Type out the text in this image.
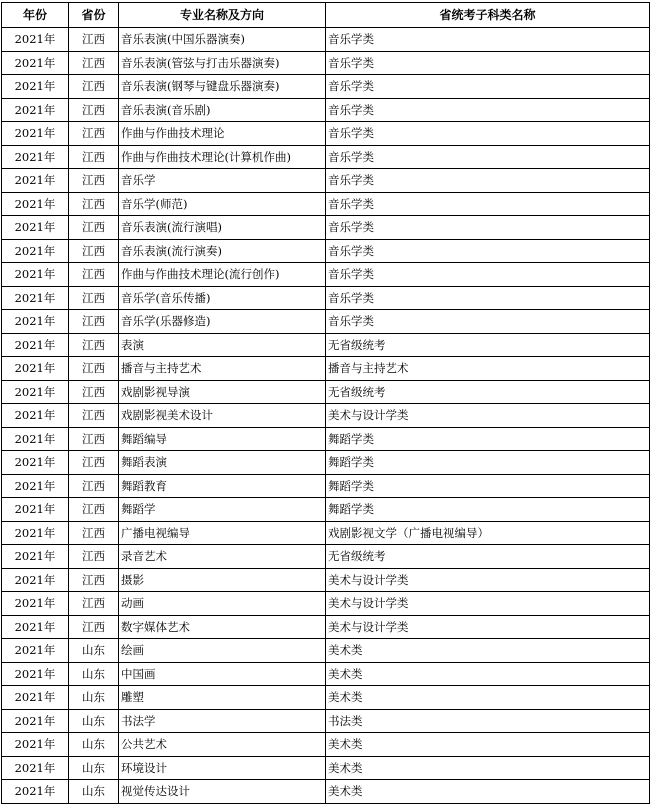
年份	省份	专业名称及方向	省统考子科类名称
2021年	江西	音乐表演(中国乐器演奏)	音乐学类
2021年	江西	音乐表演(管弦与打击乐器演奏)	音乐学类
2021年	江西	音乐表演(钢琴与键盘乐器演奏)	音乐学类
2021年	江西	音乐表演(音乐剧)	音乐学类
2021年	江西	作曲与作曲技术理论	音乐学类
2021年	江西	作曲与作曲技术理论(计算机作曲)	音乐学类
2021年	江西	音乐学	音乐学类
2021年	江西	音乐学(师范)	音乐学类
2021年	江西	音乐表演(流行演唱)	音乐学类
2021年	江西	音乐表演(流行演奏)	音乐学类
2021年	江西	作曲与作曲技术理论(流行创作)	音乐学类
2021年	江西	音乐学(音乐传播)	音乐学类
2021年	江西	音乐学(乐器修造)	音乐学类
2021年	江西	表演	无省级统考
2021年	江西	播音与主持艺术	播音与主持艺术
2021年	江西	戏剧影视导演	无省级统考
2021年	江西	戏剧影视美术设计	美术与设计学类
2021年	江西	舞蹈编导	舞蹈学类
2021年	江西	舞蹈表演	舞蹈学类
2021年	江西	舞蹈教育	舞蹈学类
2021年	江西	舞蹈学	舞蹈学类
2021年	江西	广播电视编导	戏剧影视文学（广播电视编导）
2021年	江西	录音艺术	无省级统考
2021年	江西	摄影	美术与设计学类
2021年	江西	动画	美术与设计学类
2021年	江西	数字媒体艺术	美术与设计学类
2021年	山东	绘画	美术类
2021年	山东	中国画	美术类
2021年	山东	雕塑	美术类
2021年	山东	书法学	书法类
2021年	山东	公共艺术	美术类
2021年	山东	环境设计	美术类
2021年	山东	视觉传达设计	美术类
